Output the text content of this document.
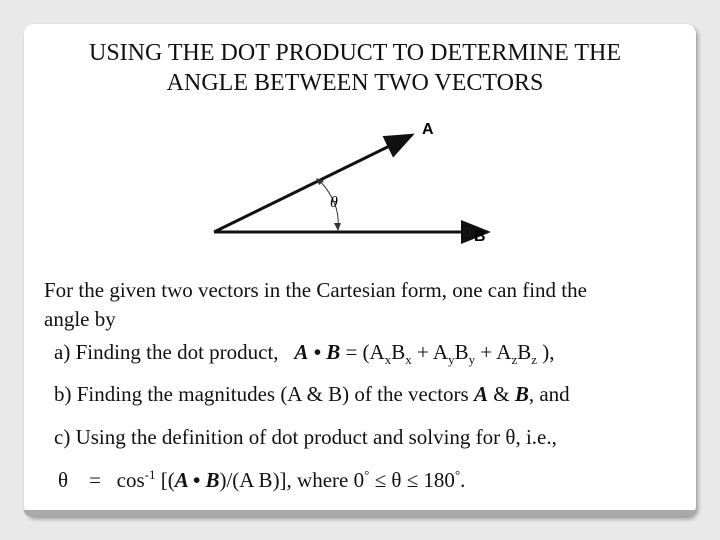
USING THE DOT PRODUCT TO DETERMINE THE
ANGLE BETWEEN TWO VECTORS
θ
A
B
For the given two vectors in the Cartesian form, one can find the
angle by
a) Finding the dot product, A • $B = (A_xB_x + A_yB_y + A_zB_z$ ),
b) Finding the magnitudes (A & B) of the vectors A & B, and
c) Using the definition of dot product and solving for θ, i.e.,
$\theta = \cos^{-1} [(A$ • B)/(A B)], where 0° ≤ θ ≤ 180°.
